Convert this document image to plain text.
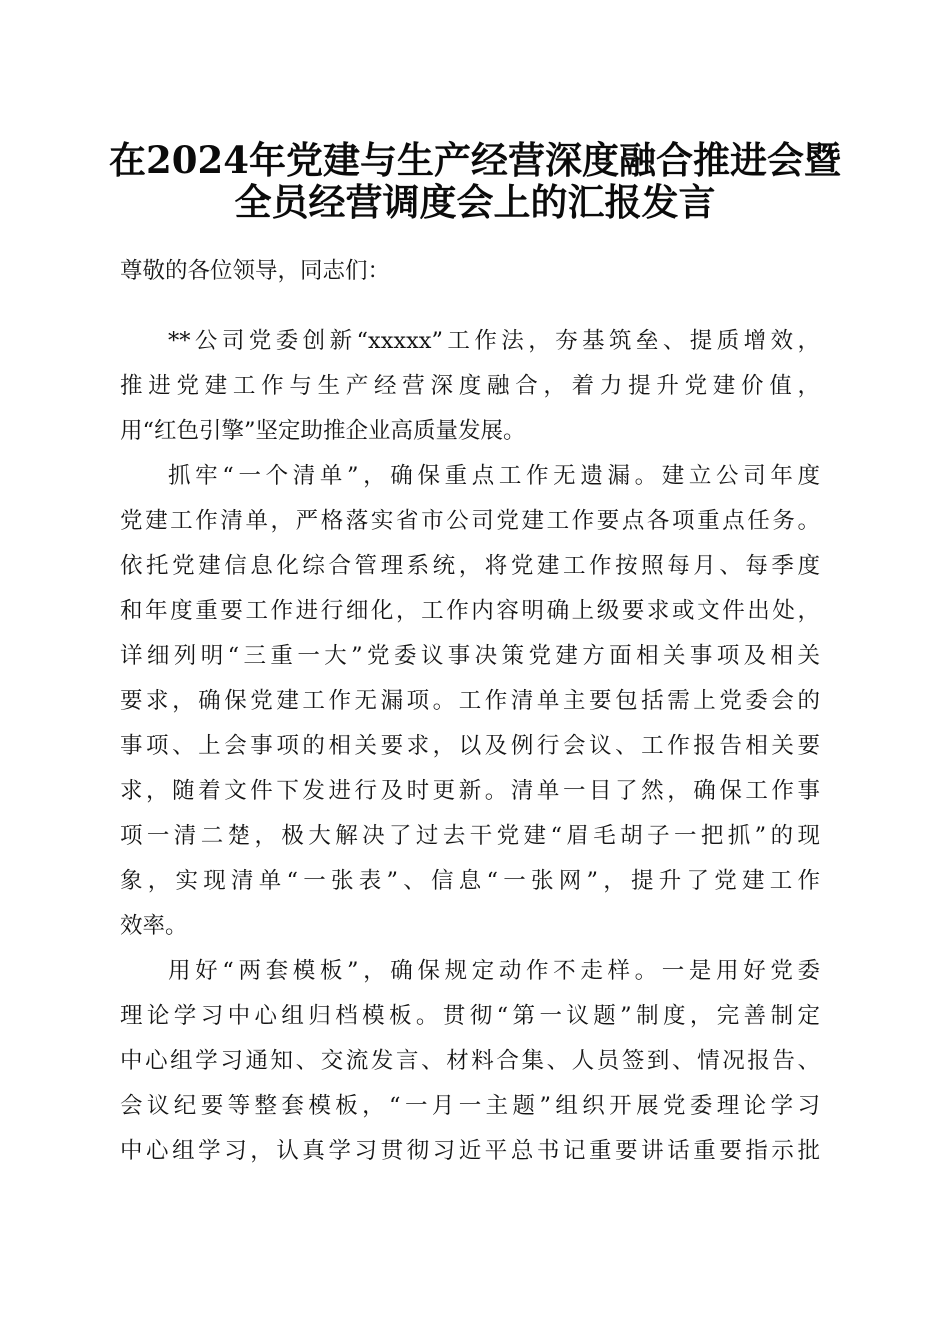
在2024年党建与生产经营深度融合推进会暨
全员经营调度会上的汇报发言
尊敬的各位领导，同志们：
**公司党委创新“xxxxx”工作法，夯基筑垒、提质增效，
推进党建工作与生产经营深度融合，着力提升党建价值，
用“红色引擎”坚定助推企业高质量发展。
抓牢“一个清单”，确保重点工作无遗漏。建立公司年度
党建工作清单，严格落实省市公司党建工作要点各项重点任务。
依托党建信息化综合管理系统，将党建工作按照每月、每季度
和年度重要工作进行细化，工作内容明确上级要求或文件出处，
详细列明“三重一大”党委议事决策党建方面相关事项及相关
要求，确保党建工作无漏项。工作清单主要包括需上党委会的
事项、上会事项的相关要求，以及例行会议、工作报告相关要
求，随着文件下发进行及时更新。清单一目了然，确保工作事
项一清二楚，极大解决了过去干党建“眉毛胡子一把抓”的现
象，实现清单“一张表”、信息“一张网”，提升了党建工作
效率。
用好“两套模板”，确保规定动作不走样。一是用好党委
理论学习中心组归档模板。贯彻“第一议题”制度，完善制定
中心组学习通知、交流发言、材料合集、人员签到、情况报告、
会议纪要等整套模板，“一月一主题”组织开展党委理论学习
中心组学习，认真学习贯彻习近平总书记重要讲话重要指示批
